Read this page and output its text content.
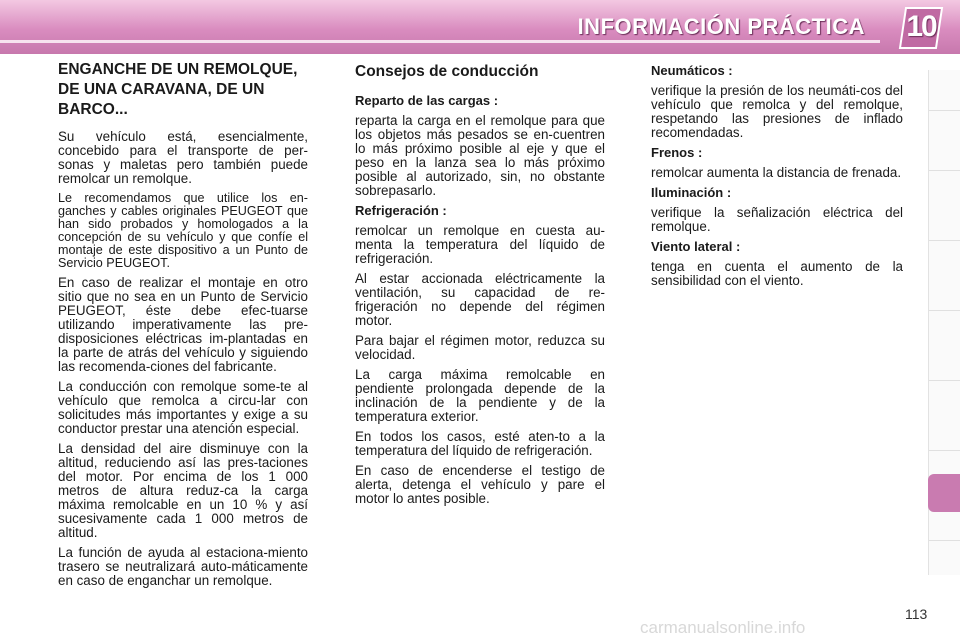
INFORMACIÓN PRÁCTICA 10
ENGANCHE DE UN REMOLQUE, DE UNA CARAVANA, DE UN BARCO...

Su vehículo está, esencialmente, concebido para el transporte de per-sonas y maletas pero también puede remolcar un remolque.

Le recomendamos que utilice los en-ganches y cables originales PEUGEOT que han sido probados y homologados a la concepción de su vehículo y que confíe el montaje de este dispositivo a un Punto de Servicio PEUGEOT.

En caso de realizar el montaje en otro sitio que no sea en un Punto de Servicio PEUGEOT, éste debe efec-tuarse utilizando imperativamente las pre-disposiciones eléctricas im-plantadas en la parte de atrás del vehículo y siguiendo las recomenda-ciones del fabricante.

La conducción con remolque some-te al vehículo que remolca a circu-lar con solicitudes más importantes y exige a su conductor prestar una atención especial.

La densidad del aire disminuye con la altitud, reduciendo así las pres-taciones del motor. Por encima de los 1 000 metros de altura reduz-ca la carga máxima remolcable en un 10 % y así sucesivamente cada 1 000 metros de altitud.

La función de ayuda al estaciona-miento trasero se neutralizará auto-máticamente en caso de enganchar un remolque.

Consejos de conducción
Reparto de las cargas :

reparta la carga en el remolque para que los objetos más pesados se en-cuentren lo más próximo posible al eje y que el peso en la lanza sea lo más próximo posible al autorizado, sin, no obstante sobrepasarlo.

Refrigeración :

remolcar un remolque en cuesta au-menta la temperatura del líquido de refrigeración.

Al estar accionada eléctricamente la ventilación, su capacidad de re-frigeración no depende del régimen motor.

Para bajar el régimen motor, reduzca su velocidad.

La carga máxima remolcable en pendiente prolongada depende de la inclinación de la pendiente y de la temperatura exterior.

En todos los casos, esté aten-to a la temperatura del líquido de refrigeración.

En caso de encenderse el testigo de alerta, detenga el vehículo y pare el motor lo antes posible.

Neumáticos :

verifique la presión de los neumáti-cos del vehículo que remolca y del remolque, respetando las presiones de inflado recomendadas.

Frenos :

remolcar aumenta la distancia de frenada.

Iluminación :

verifique la señalización eléctrica del remolque.

Viento lateral :

tenga en cuenta el aumento de la sensibilidad con el viento.

113
carmanualsonline.info
